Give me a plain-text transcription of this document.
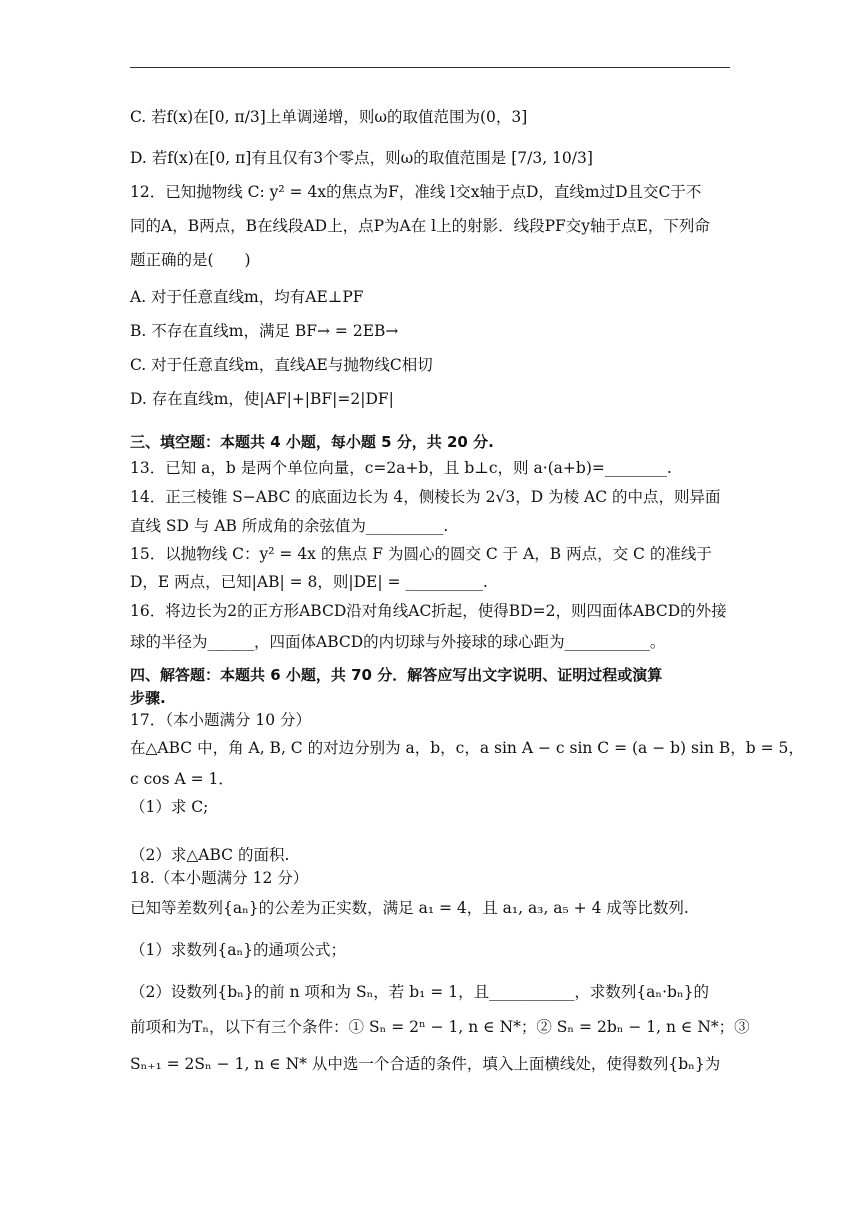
C. 若f(x)在[0, π/3]上单调递增，则ω的取值范围为(0，3]
D. 若f(x)在[0, π]有且仅有3个零点，则ω的取值范围是 [7/3, 10/3]
12．已知抛物线 C: y² = 4x的焦点为F，准线 l交x轴于点D，直线m过D且交C于不
同的A，B两点，B在线段AD上，点P为A在 l上的射影．线段PF交y轴于点E，下列命
题正确的是(　　)
A. 对于任意直线m，均有AE⊥PF
B. 不存在直线m，满足 BF→ = 2EB→
C. 对于任意直线m，直线AE与抛物线C相切
D. 存在直线m，使|AF|+|BF|=2|DF|
三、填空题：本题共 4 小题，每小题 5 分，共 20 分.
13．已知 a，b 是两个单位向量，c=2a+b，且 b⊥c，则 a·(a+b)=________.
14．正三棱锥 S−ABC 的底面边长为 4，侧棱长为 2√3，D 为棱 AC 的中点，则异面
直线 SD 与 AB 所成角的余弦值为__________.
15．以抛物线 C：y² = 4x 的焦点 F 为圆心的圆交 C 于 A，B 两点，交 C 的准线于
D，E 两点，已知|AB| = 8，则|DE| = __________.
16．将边长为2的正方形ABCD沿对角线AC折起，使得BD=2，则四面体ABCD的外接
球的半径为______，四面体ABCD的内切球与外接球的球心距为___________。
四、解答题：本题共 6 小题，共 70 分．解答应写出文字说明、证明过程或演算
步骤.
17．（本小题满分 10 分）
在△ABC 中，角 A, B, C 的对边分别为 a，b，c，a sin A − c sin C = (a − b) sin B，b = 5，
c cos A = 1．
（1）求 C;
（2）求△ABC 的面积.
18.（本小题满分 12 分）
已知等差数列{aₙ}的公差为正实数，满足 a₁ = 4，且 a₁, a₃, a₅ + 4 成等比数列.
（1）求数列{aₙ}的通项公式；
（2）设数列{bₙ}的前 n 项和为 Sₙ，若 b₁ = 1，且___________，求数列{aₙ·bₙ}的
前项和为Tₙ，以下有三个条件：① Sₙ = 2ⁿ − 1, n ∈ N*；② Sₙ = 2bₙ − 1, n ∈ N*；③
Sₙ₊₁ = 2Sₙ − 1, n ∈ N* 从中选一个合适的条件，填入上面横线处，使得数列{bₙ}为
